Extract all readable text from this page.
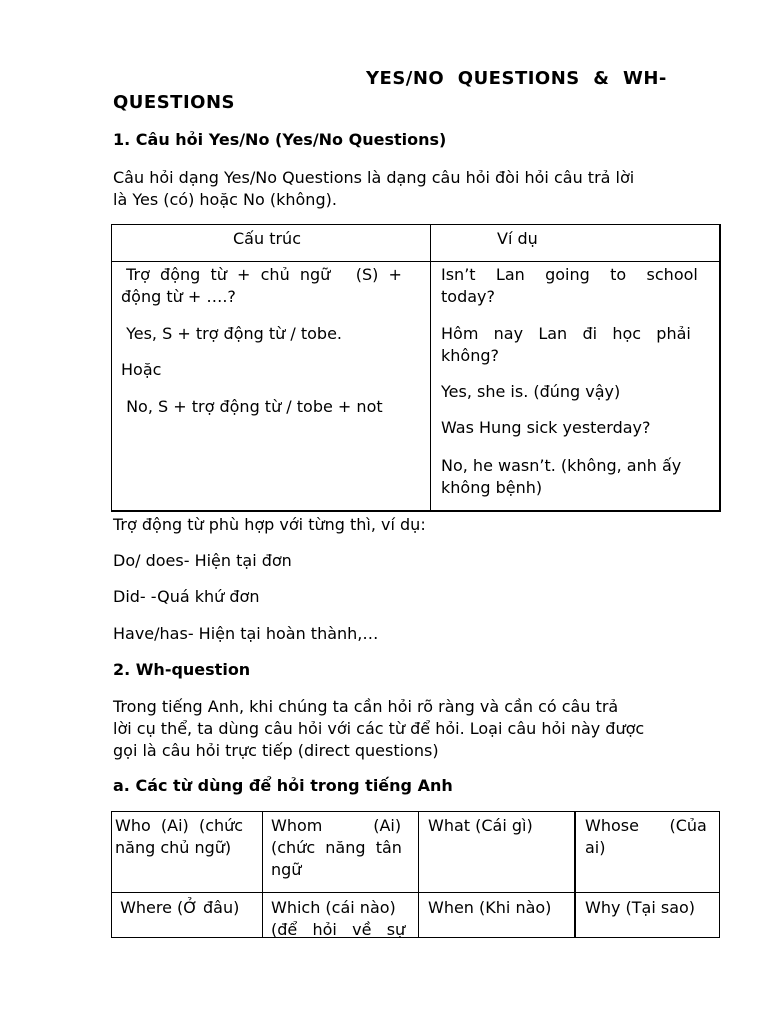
YES/NO  QUESTIONS  &  WH-
QUESTIONS
1. Câu hỏi Yes/No (Yes/No Questions)
Câu hỏi dạng Yes/No Questions là dạng câu hỏi đòi hỏi câu trả lời
là Yes (có) hoặc No (không).
Cấu trúc	Ví dụ
Trợ  động  từ  +  chủ  ngữ     (S)  +
động từ + ….?
Yes, S + trợ động từ / tobe.
Hoặc
No, S + trợ động từ / tobe + not
Isn’t    Lan    going    to    school
today?
Hôm   nay   Lan   đi   học   phải
không?
Yes, she is. (đúng vậy)
Was Hung sick yesterday?
No, he wasn’t. (không, anh ấy
không bệnh)
Trợ động từ phù hợp với từng thì, ví dụ:
Do/ does- Hiện tại đơn
Did- -Quá khứ đơn
Have/has- Hiện tại hoàn thành,…
2. Wh-question
Trong tiếng Anh, khi chúng ta cần hỏi rõ ràng và cần có câu trả
lời cụ thể, ta dùng câu hỏi với các từ để hỏi. Loại câu hỏi này được
gọi là câu hỏi trực tiếp (direct questions)
a. Các từ dùng để hỏi trong tiếng Anh
Who  (Ai)  (chức
năng chủ ngữ)
Whom          (Ai)
(chức  năng  tân
ngữ
What (Cái gì)	Whose      (Của
ai)
Where (Ở đâu) Which (cái nào)
(để   hỏi   về   sự
When (Khi nào) Why (Tại sao)
